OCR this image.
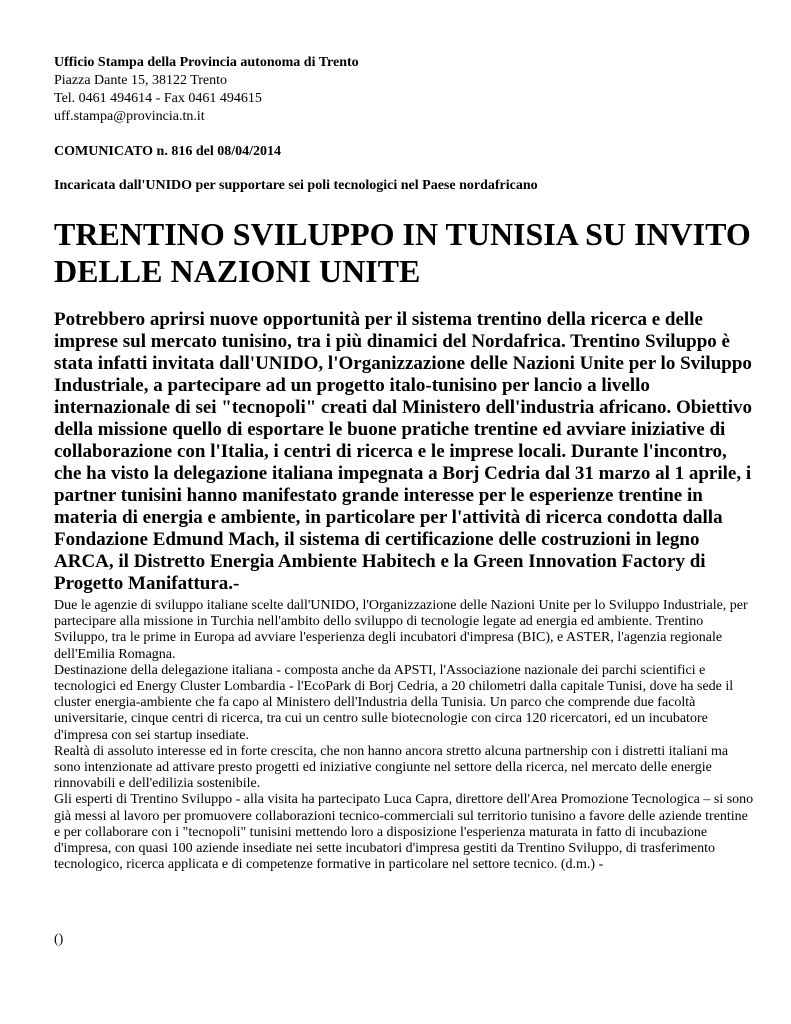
Ufficio Stampa della Provincia autonoma di Trento
Piazza Dante 15, 38122 Trento
Tel. 0461 494614 - Fax 0461 494615
uff.stampa@provincia.tn.it
COMUNICATO n. 816 del 08/04/2014
Incaricata dall'UNIDO per supportare sei poli tecnologici nel Paese nordafricano
TRENTINO SVILUPPO IN TUNISIA SU INVITO DELLE NAZIONI UNITE

Potrebbero aprirsi nuove opportunità per il sistema trentino della ricerca e delle imprese sul mercato tunisino, tra i più dinamici del Nordafrica. Trentino Sviluppo è stata infatti invitata dall'UNIDO, l'Organizzazione delle Nazioni Unite per lo Sviluppo Industriale, a partecipare ad un progetto italo-tunisino per lancio a livello internazionale di sei "tecnopoli" creati dal Ministero dell'industria africano. Obiettivo della missione quello di esportare le buone pratiche trentine ed avviare iniziative di collaborazione con l'Italia, i centri di ricerca e le imprese locali. Durante l'incontro, che ha visto la delegazione italiana impegnata a Borj Cedria dal 31 marzo al 1 aprile, i partner tunisini hanno manifestato grande interesse per le esperienze trentine in materia di energia e ambiente, in particolare per l'attività di ricerca condotta dalla Fondazione Edmund Mach, il sistema di certificazione delle costruzioni in legno ARCA, il Distretto Energia Ambiente Habitech e la Green Innovation Factory di Progetto Manifattura.-

Due le agenzie di sviluppo italiane scelte dall'UNIDO, l'Organizzazione delle Nazioni Unite per lo Sviluppo Industriale, per partecipare alla missione in Turchia nell'ambito dello sviluppo di tecnologie legate ad energia ed ambiente. Trentino Sviluppo, tra le prime in Europa ad avviare l'esperienza degli incubatori d'impresa (BIC), e ASTER, l'agenzia regionale dell'Emilia Romagna.

Destinazione della delegazione italiana - composta anche da APSTI, l'Associazione nazionale dei parchi scientifici e tecnologici ed Energy Cluster Lombardia - l'EcoPark di Borj Cedria, a 20 chilometri dalla capitale Tunisi, dove ha sede il cluster energia-ambiente che fa capo al Ministero dell'Industria della Tunisia. Un parco che comprende due facoltà universitarie, cinque centri di ricerca, tra cui un centro sulle biotecnologie con circa 120 ricercatori, ed un incubatore d'impresa con sei startup insediate.

Realtà di assoluto interesse ed in forte crescita, che non hanno ancora stretto alcuna partnership con i distretti italiani ma sono intenzionate ad attivare presto progetti ed iniziative congiunte nel settore della ricerca, nel mercato delle energie rinnovabili e dell'edilizia sostenibile.

Gli esperti di Trentino Sviluppo - alla visita ha partecipato Luca Capra, direttore dell'Area Promozione Tecnologica – si sono già messi al lavoro per promuovere collaborazioni tecnico-commerciali sul territorio tunisino a favore delle aziende trentine e per collaborare con i "tecnopoli" tunisini mettendo loro a disposizione l'esperienza maturata in fatto di incubazione d'impresa, con quasi 100 aziende insediate nei sette incubatori d'impresa gestiti da Trentino Sviluppo, di trasferimento tecnologico, ricerca applicata e di competenze formative in particolare nel settore tecnico. (d.m.) -

()
